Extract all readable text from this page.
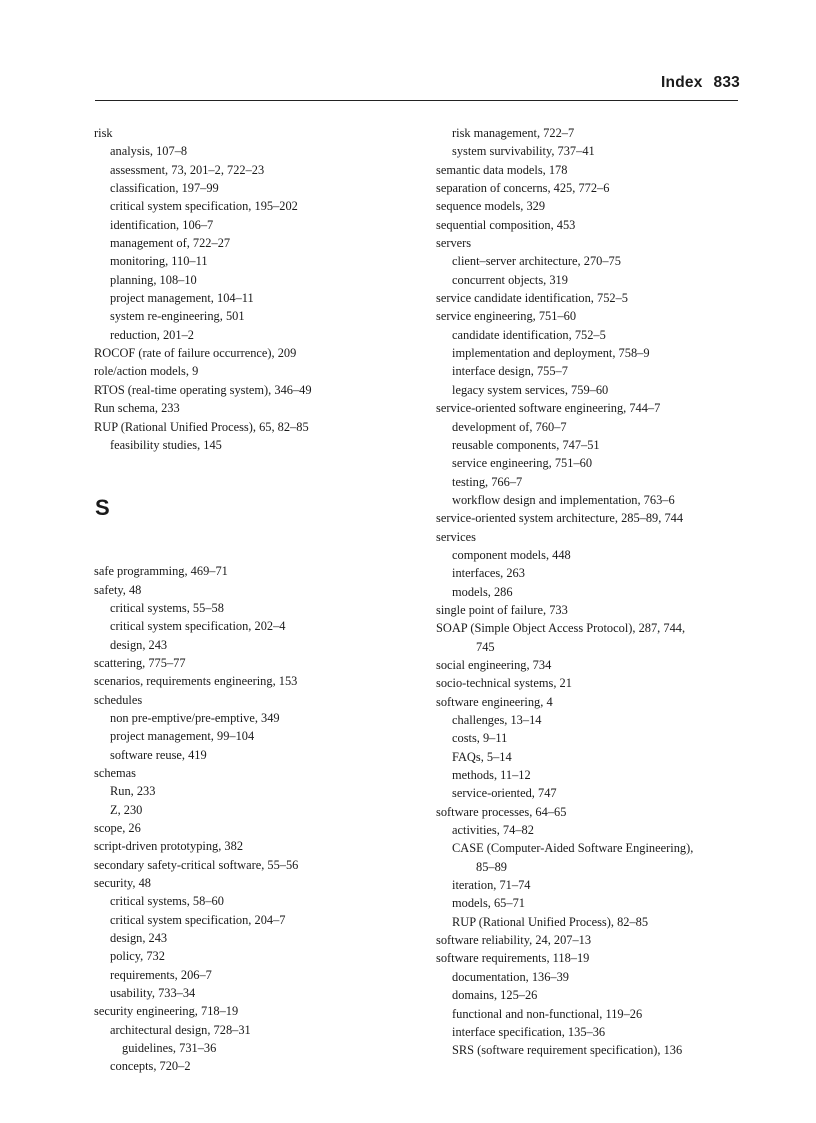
Index 833
risk
analysis, 107–8
assessment, 73, 201–2, 722–23
classification, 197–99
critical system specification, 195–202
identification, 106–7
management of, 722–27
monitoring, 110–11
planning, 108–10
project management, 104–11
system re-engineering, 501
reduction, 201–2
ROCOF (rate of failure occurrence), 209
role/action models, 9
RTOS (real-time operating system), 346–49
Run schema, 233
RUP (Rational Unified Process), 65, 82–85
feasibility studies, 145
S
safe programming, 469–71
safety, 48
critical systems, 55–58
critical system specification, 202–4
design, 243
scattering, 775–77
scenarios, requirements engineering, 153
schedules
non pre-emptive/pre-emptive, 349
project management, 99–104
software reuse, 419
schemas
Run, 233
Z, 230
scope, 26
script-driven prototyping, 382
secondary safety-critical software, 55–56
security, 48
critical systems, 58–60
critical system specification, 204–7
design, 243
policy, 732
requirements, 206–7
usability, 733–34
security engineering, 718–19
architectural design, 728–31
guidelines, 731–36
concepts, 720–2
risk management, 722–7
system survivability, 737–41
semantic data models, 178
separation of concerns, 425, 772–6
sequence models, 329
sequential composition, 453
servers
client–server architecture, 270–75
concurrent objects, 319
service candidate identification, 752–5
service engineering, 751–60
candidate identification, 752–5
implementation and deployment, 758–9
interface design, 755–7
legacy system services, 759–60
service-oriented software engineering, 744–7
development of, 760–7
reusable components, 747–51
service engineering, 751–60
testing, 766–7
workflow design and implementation, 763–6
service-oriented system architecture, 285–89, 744
services
component models, 448
interfaces, 263
models, 286
single point of failure, 733
SOAP (Simple Object Access Protocol), 287, 744,
745
social engineering, 734
socio-technical systems, 21
software engineering, 4
challenges, 13–14
costs, 9–11
FAQs, 5–14
methods, 11–12
service-oriented, 747
software processes, 64–65
activities, 74–82
CASE (Computer-Aided Software Engineering),
85–89
iteration, 71–74
models, 65–71
RUP (Rational Unified Process), 82–85
software reliability, 24, 207–13
software requirements, 118–19
documentation, 136–39
domains, 125–26
functional and non-functional, 119–26
interface specification, 135–36
SRS (software requirement specification), 136
